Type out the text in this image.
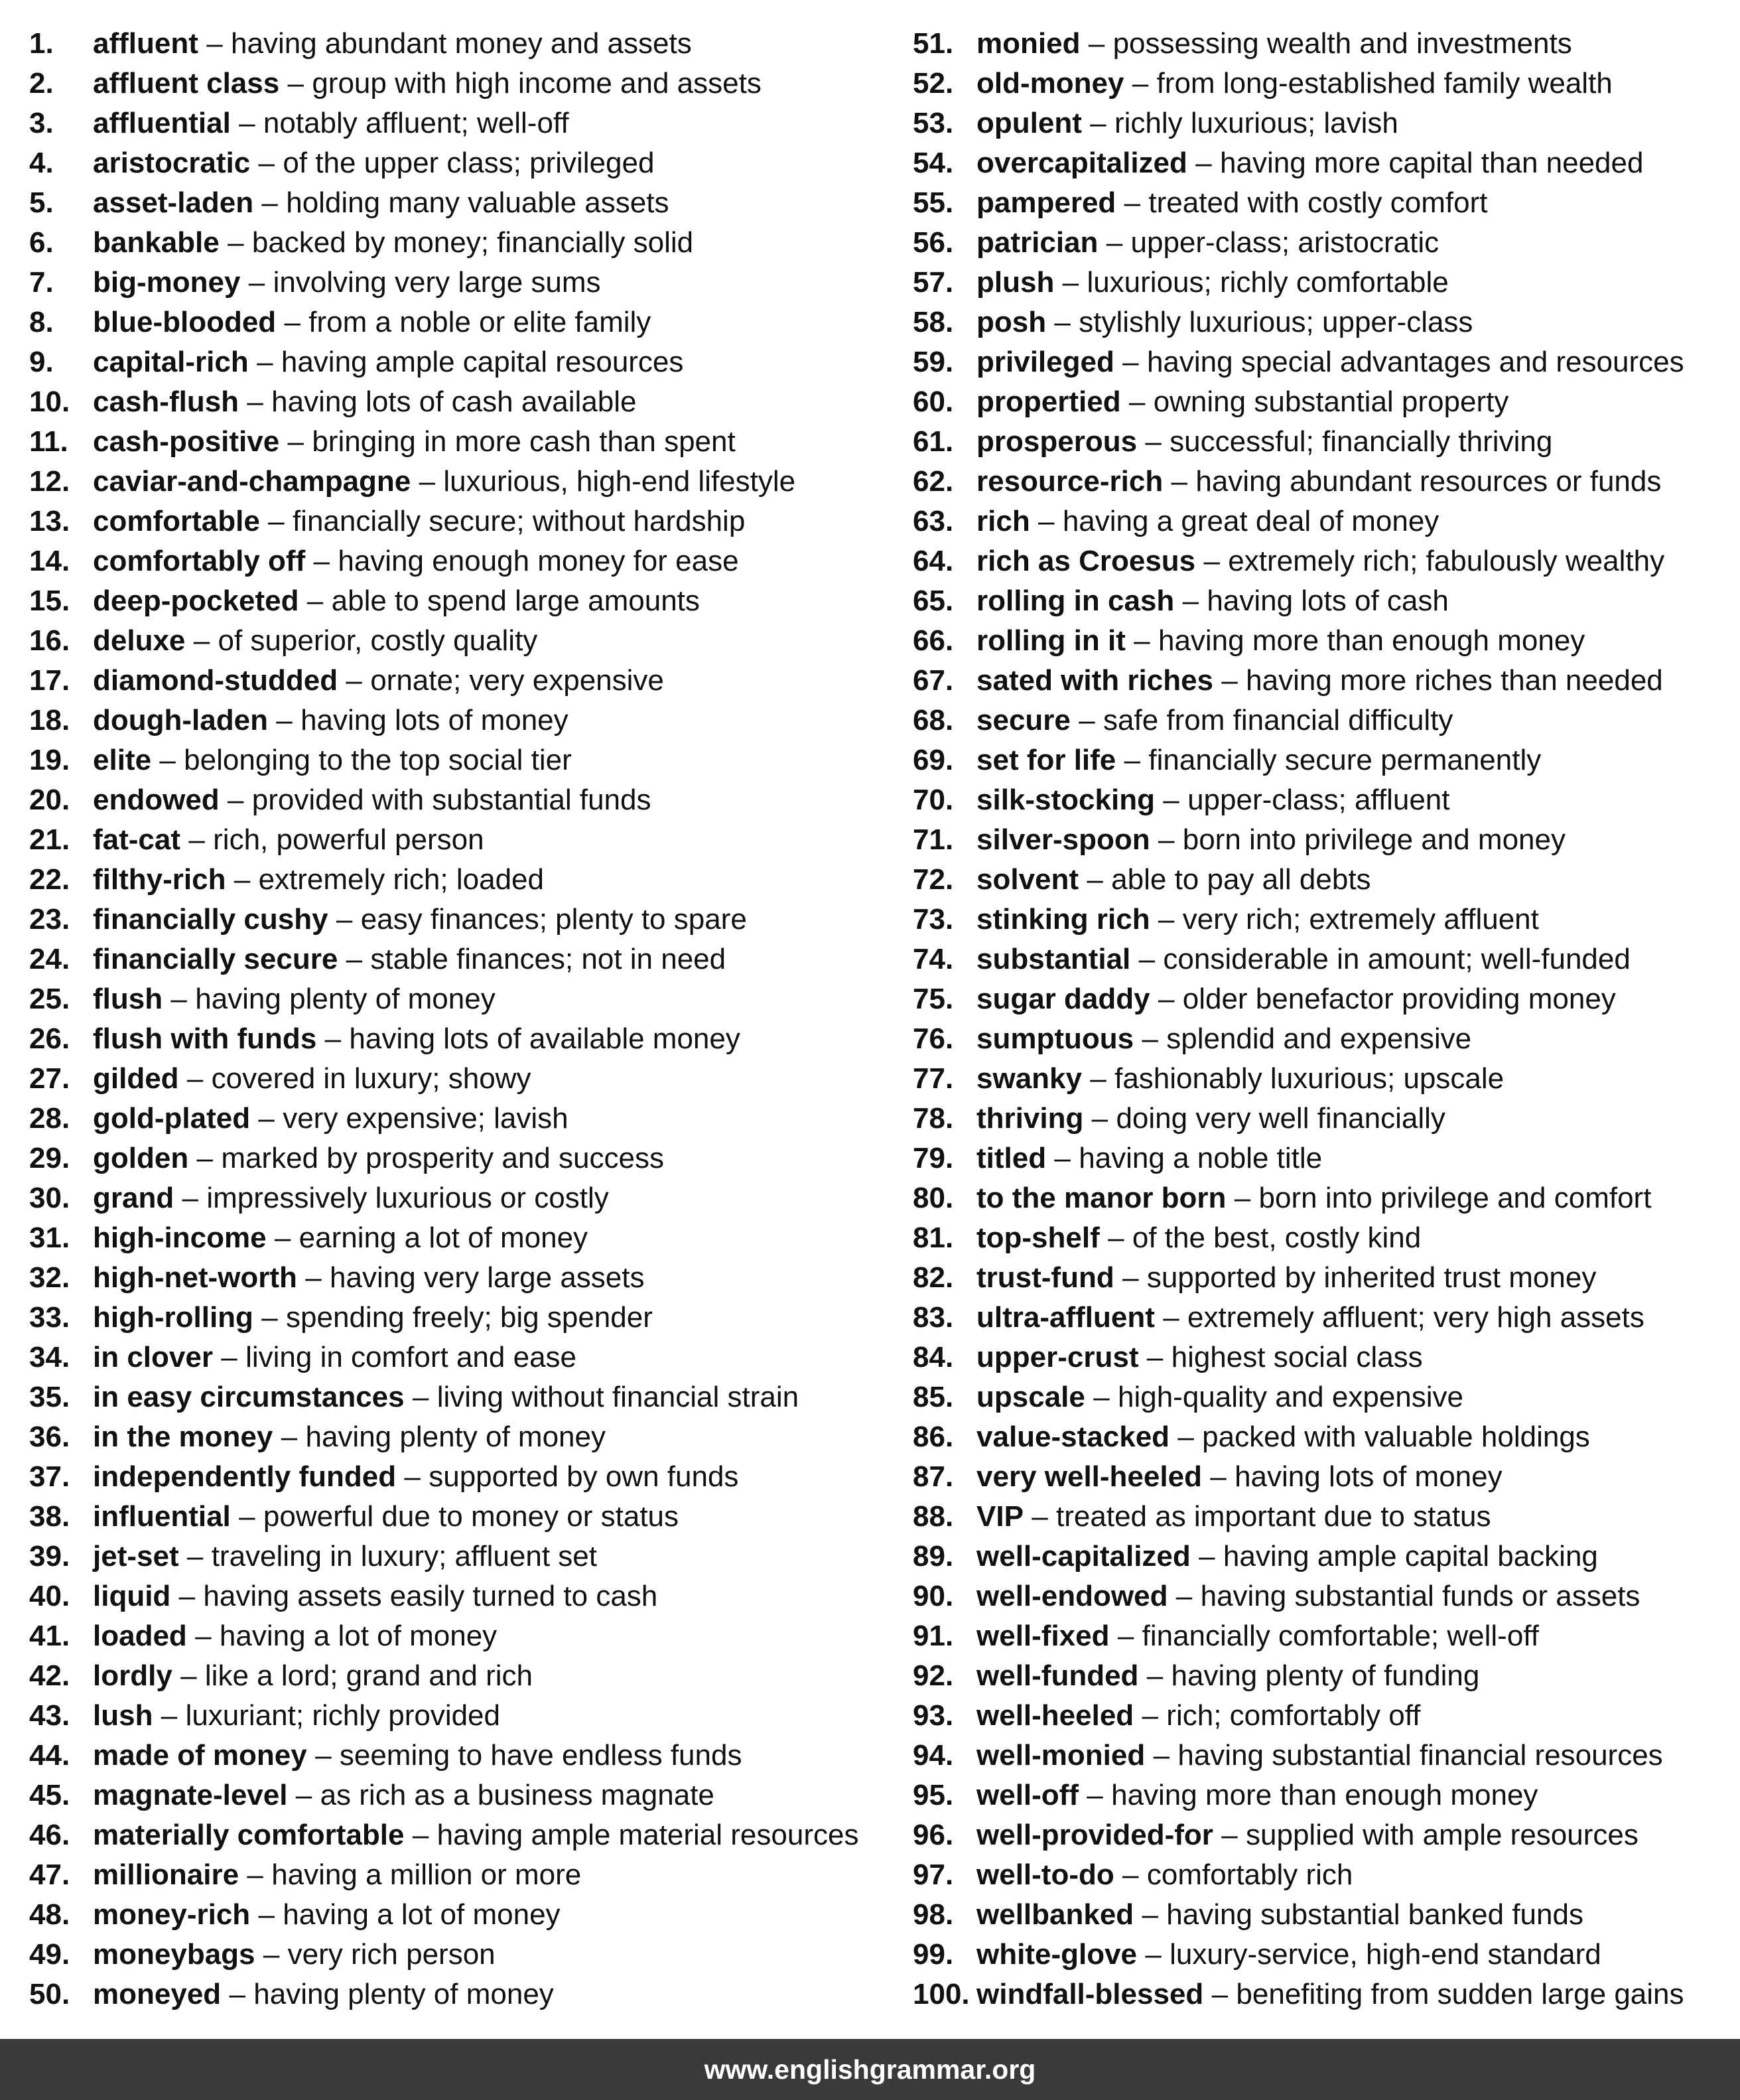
1.	affluent – having abundant money and assets
2.	affluent class – group with high income and assets
3.	affluential – notably affluent; well-off
4.	aristocratic – of the upper class; privileged
5.	asset-laden – holding many valuable assets
6.	bankable – backed by money; financially solid
7.	big-money – involving very large sums
8.	blue-blooded – from a noble or elite family
9.	capital-rich – having ample capital resources
10. cash-flush – having lots of cash available
11. cash-positive – bringing in more cash than spent
12. caviar-and-champagne – luxurious, high-end lifestyle
13. comfortable – financially secure; without hardship
14. comfortably off – having enough money for ease
15. deep-pocketed – able to spend large amounts
16. deluxe – of superior, costly quality
17. diamond-studded – ornate; very expensive
18. dough-laden – having lots of money
19. elite – belonging to the top social tier
20. endowed – provided with substantial funds
21. fat-cat – rich, powerful person
22. filthy-rich – extremely rich; loaded
23. financially cushy – easy finances; plenty to spare
24. financially secure – stable finances; not in need
25. flush – having plenty of money
26. flush with funds – having lots of available money
27. gilded – covered in luxury; showy
28. gold-plated – very expensive; lavish
29. golden – marked by prosperity and success
30. grand – impressively luxurious or costly
31. high-income – earning a lot of money
32. high-net-worth – having very large assets
33. high-rolling – spending freely; big spender
34. in clover – living in comfort and ease
35. in easy circumstances – living without financial strain
36. in the money – having plenty of money
37. independently funded – supported by own funds
38. influential – powerful due to money or status
39. jet-set – traveling in luxury; affluent set
40. liquid – having assets easily turned to cash
41. loaded – having a lot of money
42. lordly – like a lord; grand and rich
43. lush – luxuriant; richly provided
44. made of money – seeming to have endless funds
45. magnate-level – as rich as a business magnate
46. materially comfortable – having ample material resources
47. millionaire – having a million or more
48. money-rich – having a lot of money
49. moneybags – very rich person
50. moneyed – having plenty of money
51. monied – possessing wealth and investments
52. old-money – from long-established family wealth
53. opulent – richly luxurious; lavish
54. overcapitalized – having more capital than needed
55. pampered – treated with costly comfort
56. patrician – upper-class; aristocratic
57. plush – luxurious; richly comfortable
58. posh – stylishly luxurious; upper-class
59. privileged – having special advantages and resources
60. propertied – owning substantial property
61. prosperous – successful; financially thriving
62. resource-rich – having abundant resources or funds
63. rich – having a great deal of money
64. rich as Croesus – extremely rich; fabulously wealthy
65. rolling in cash – having lots of cash
66. rolling in it – having more than enough money
67. sated with riches – having more riches than needed
68. secure – safe from financial difficulty
69. set for life – financially secure permanently
70. silk-stocking – upper-class; affluent
71. silver-spoon – born into privilege and money
72. solvent – able to pay all debts
73. stinking rich – very rich; extremely affluent
74. substantial – considerable in amount; well-funded
75. sugar daddy – older benefactor providing money
76. sumptuous – splendid and expensive
77. swanky – fashionably luxurious; upscale
78. thriving – doing very well financially
79. titled – having a noble title
80. to the manor born – born into privilege and comfort
81. top-shelf – of the best, costly kind
82. trust-fund – supported by inherited trust money
83. ultra-affluent – extremely affluent; very high assets
84. upper-crust – highest social class
85. upscale – high-quality and expensive
86. value-stacked – packed with valuable holdings
87. very well-heeled – having lots of money
88. VIP – treated as important due to status
89. well-capitalized – having ample capital backing
90. well-endowed – having substantial funds or assets
91. well-fixed – financially comfortable; well-off
92. well-funded – having plenty of funding
93. well-heeled – rich; comfortably off
94. well-monied – having substantial financial resources
95. well-off – having more than enough money
96. well-provided-for – supplied with ample resources
97. well-to-do – comfortably rich
98. wellbanked – having substantial banked funds
99. white-glove – luxury-service, high-end standard
100. windfall-blessed – benefiting from sudden large gains
www.englishgrammar.org
